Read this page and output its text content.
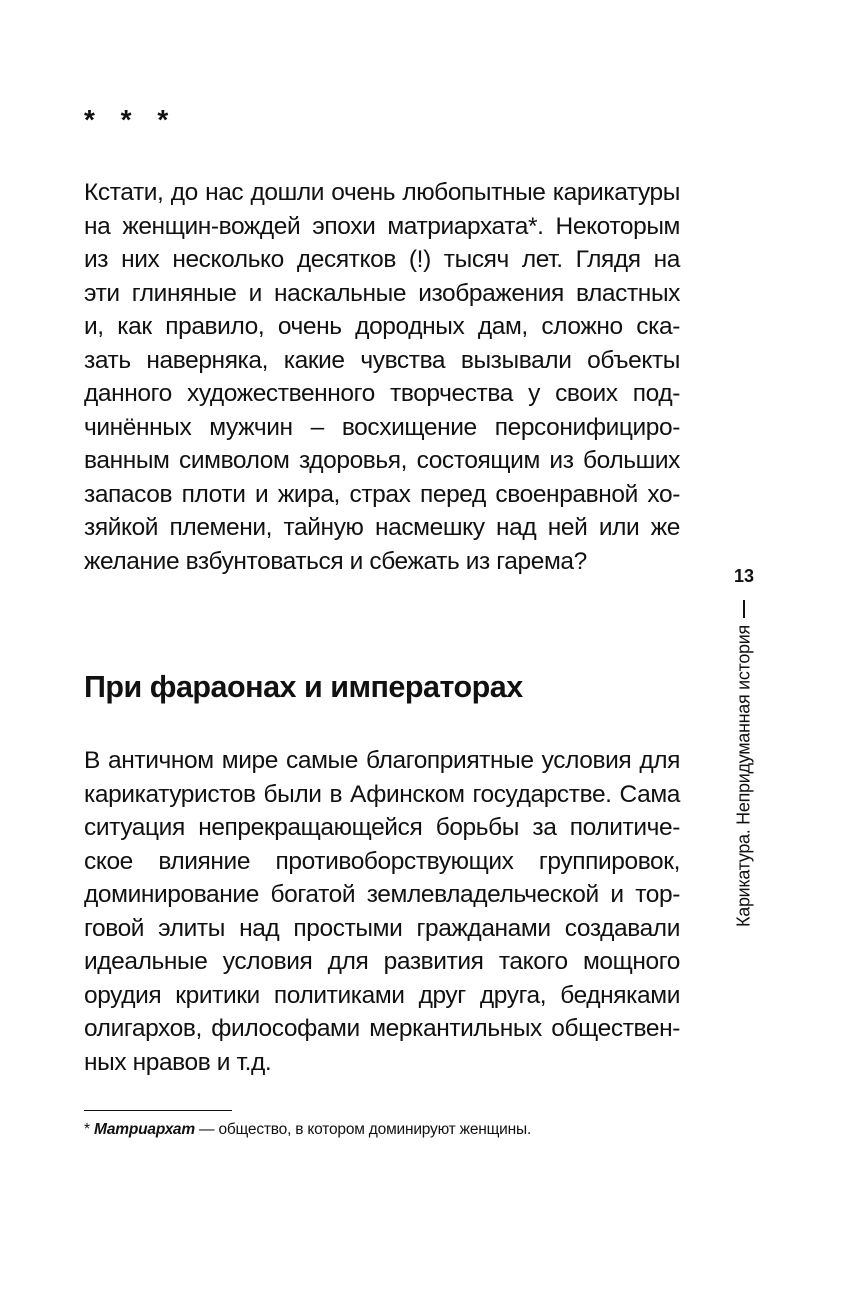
* * *
Кстати, до нас дошли очень любопытные карикатуры
на женщин-вождей эпохи матриархата*. Некоторым
из них несколько десятков (!) тысяч лет. Глядя на
эти глиняные и наскальные изображения властных
и, как правило, очень дородных дам, сложно ска-
зать наверняка, какие чувства вызывали объекты
данного художественного творчества у своих под-
чинённых мужчин – восхищение персонифициро-
ванным символом здоровья, состоящим из больших
запасов плоти и жира, страх перед своенравной хо-
зяйкой племени, тайную насмешку над ней или же
желание взбунтоваться и сбежать из гарема?
При фараонах и императорах
В античном мире самые благоприятные условия для
карикатуристов были в Афинском государстве. Сама
ситуация непрекращающейся борьбы за политиче-
ское влияние противоборствующих группировок,
доминирование богатой землевладельческой и тор-
говой элиты над простыми гражданами создавали
идеальные условия для развития такого мощного
орудия критики политиками друг друга, бедняками
олигархов, философами меркантильных обществен-
ных нравов и т.д.
* Матриархат — общество, в котором доминируют женщины.
13
Карикатура. Непридуманная история
